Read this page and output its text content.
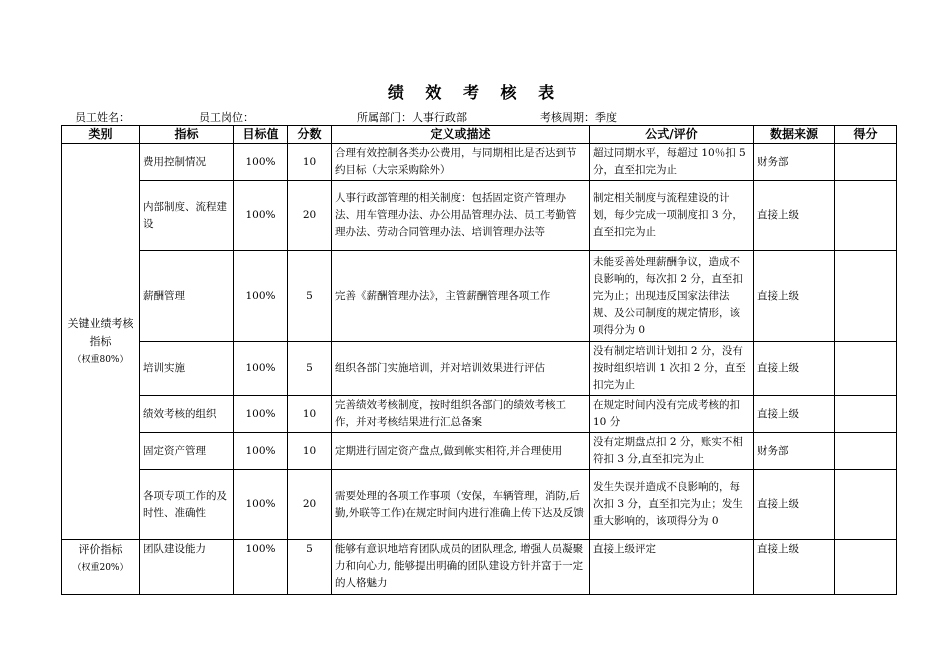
绩 效 考 核 表
员工姓名：	员工岗位：	所属部门：人事行政部	考核周期：季度
类别	指标	目标值	分数	定义或描述	公式/评价	数据来源	得分
关键业绩考核指标
（权重80%）	费用控制情况	100%	10	合理有效控制各类办公费用，与同期相比是否达到节约目标（大宗采购除外）	超过同期水平，每超过 10％扣 5 分，直至扣完为止	财务部	
	内部制度、流程建设	100%	20	人事行政部管理的相关制度：包括固定资产管理办法、用车管理办法、办公用品管理办法、员工考勤管理办法、劳动合同管理办法、培训管理办法等	制定相关制度与流程建设的计划，每少完成一项制度扣 3 分，直至扣完为止	直接上级	
	薪酬管理	100%	5	完善《薪酬管理办法》，主管薪酬管理各项工作	未能妥善处理薪酬争议，造成不良影响的，每次扣 2 分，直至扣完为止；出现违反国家法律法规、及公司制度的规定情形，该项得分为 0	直接上级	
	培训实施	100%	5	组织各部门实施培训，并对培训效果进行评估	没有制定培训计划扣 2 分，没有按时组织培训 1 次扣 2 分，直至扣完为止	直接上级	
	绩效考核的组织	100%	10	完善绩效考核制度，按时组织各部门的绩效考核工作，并对考核结果进行汇总备案	在规定时间内没有完成考核的扣 10 分	直接上级	
	固定资产管理	100%	10	定期进行固定资产盘点,做到帐实相符,并合理使用	没有定期盘点扣 2 分，账实不相符扣 3 分,直至扣完为止	财务部	
	各项专项工作的及时性、准确性	100%	20	需要处理的各项工作事项（安保，车辆管理，消防,后勤,外联等工作)在规定时间内进行准确上传下达及反馈	发生失误并造成不良影响的，每次扣 3 分，直至扣完为止；发生重大影响的，该项得分为 0	直接上级	
评价指标
（权重20%）	团队建设能力	100%	5	能够有意识地培育团队成员的团队理念, 增强人员凝聚力和向心力, 能够提出明确的团队建设方针并富于一定的人格魅力	直接上级评定	直接上级	
